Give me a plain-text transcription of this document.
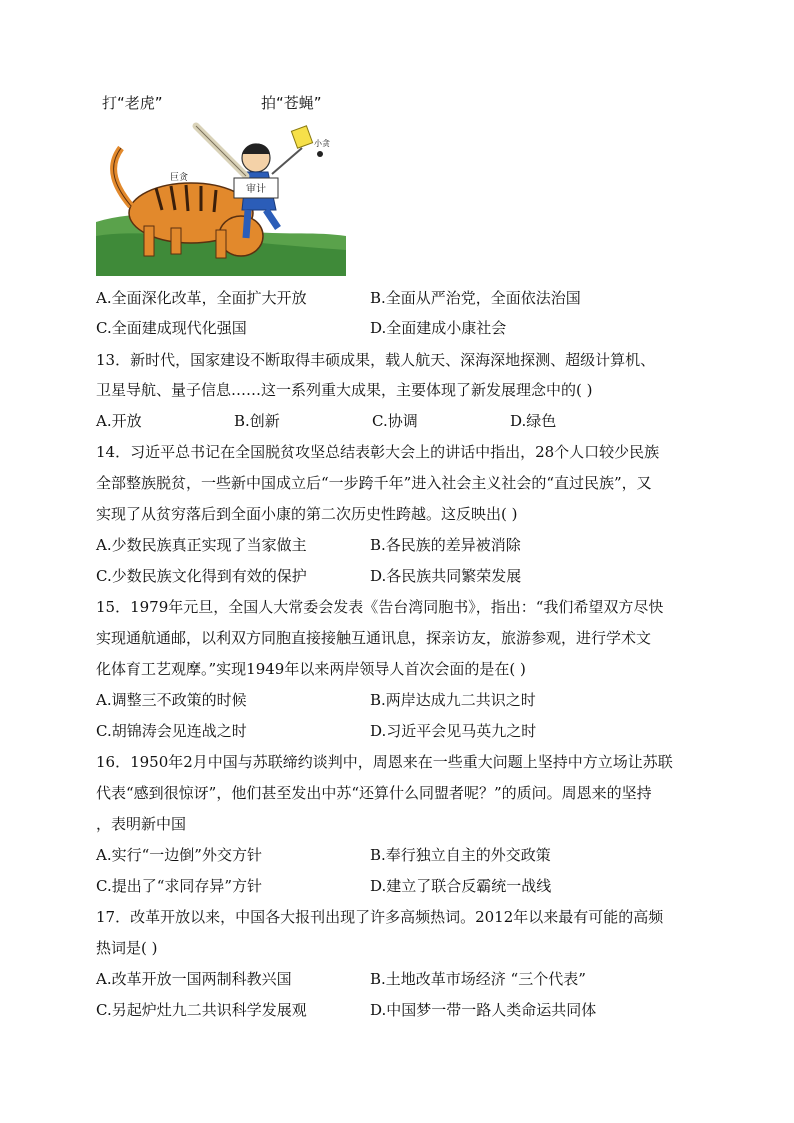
打“老虎”	拍“苍蝇”
巨贪
小贪
审计
A.全面深化改革，全面扩大开放	B.全面从严治党，全面依法治国
C.全面建成现代化强国	D.全面建成小康社会
13．新时代，国家建设不断取得丰硕成果，载人航天、深海深地探测、超级计算机、
卫星导航、量子信息……这一系列重大成果，主要体现了新发展理念中的( )
A.开放	B.创新	C.协调	D.绿色
14．习近平总书记在全国脱贫攻坚总结表彰大会上的讲话中指出，28个人口较少民族
全部整族脱贫，一些新中国成立后“一步跨千年”进入社会主义社会的“直过民族”，又
实现了从贫穷落后到全面小康的第二次历史性跨越。这反映出( )
A.少数民族真正实现了当家做主	B.各民族的差异被消除
C.少数民族文化得到有效的保护	D.各民族共同繁荣发展
15．1979年元旦，全国人大常委会发表《告台湾同胞书》，指出：“我们希望双方尽快
实现通航通邮，以利双方同胞直接接触互通讯息，探亲访友，旅游参观，进行学术文
化体育工艺观摩。”实现1949年以来两岸领导人首次会面的是在( )
A.调整三不政策的时候	B.两岸达成九二共识之时
C.胡锦涛会见连战之时	D.习近平会见马英九之时
16．1950年2月中国与苏联缔约谈判中，周恩来在一些重大问题上坚持中方立场让苏联
代表“感到很惊讶”，他们甚至发出中苏“还算什么同盟者呢？”的质问。周恩来的坚持
，表明新中国
A.实行“一边倒”外交方针	B.奉行独立自主的外交政策
C.提出了“求同存异”方针	D.建立了联合反霸统一战线
17．改革开放以来，中国各大报刊出现了许多高频热词。2012年以来最有可能的高频
热词是( )
A.改革开放一国两制科教兴国	B.土地改革市场经济 “三个代表”
C.另起炉灶九二共识科学发展观	D.中国梦一带一路人类命运共同体
